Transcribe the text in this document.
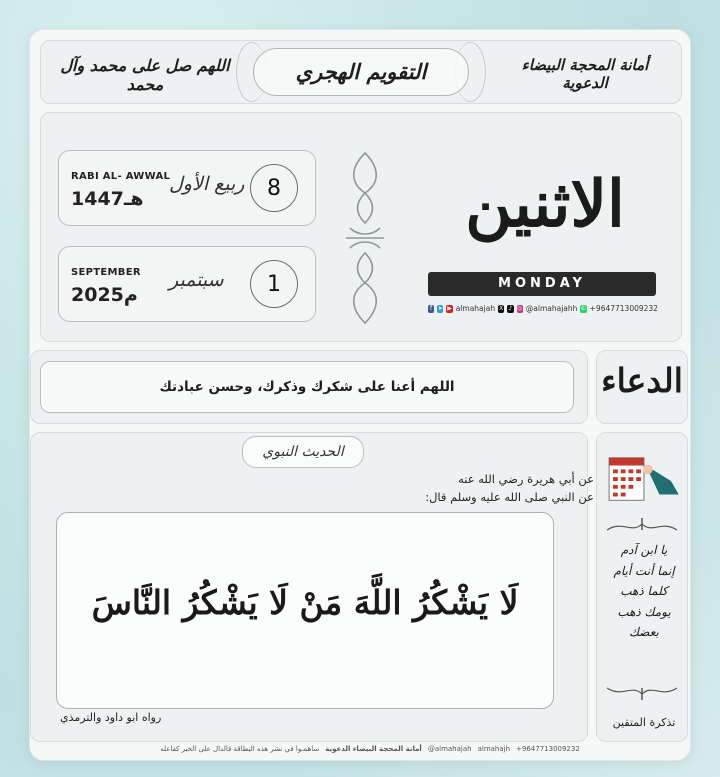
أمانة المحجة البيضاء الدعوية
التقويم الهجري
اللهم صل على محمد وآل محمد
RABI AL- AWWAL
1447هـ
ربيع الأول	8
SEPTEMBER
2025م
سبتمبر	1
الاثنين
MONDAY
f ➤ ▶ almahajah X ♪ ◎ @almahajahh ✆ +9647713009232
الدعاء
اللهم أعنا على شكرك وذكرك، وحسن عبادتك
الحديث النبوي
عن أبي هريرة رضي الله عنه
عن النبي صلى الله عليه وسلم قال:
لَا يَشْكُرُ اللَّهَ مَنْ لَا يَشْكُرُ النَّاسَ
رواه ابو داود والترمذي
يا ابن آدم
إنما أنت أيام
كلما ذهب
يومك ذهب
بعضك
تذكرة المتقين
ساهمـوا في نشر هذه البطاقة فالدال على الخير كفاعله أمانة المحجة البيضاء الدعوية @almahajah almahajh +9647713009232
